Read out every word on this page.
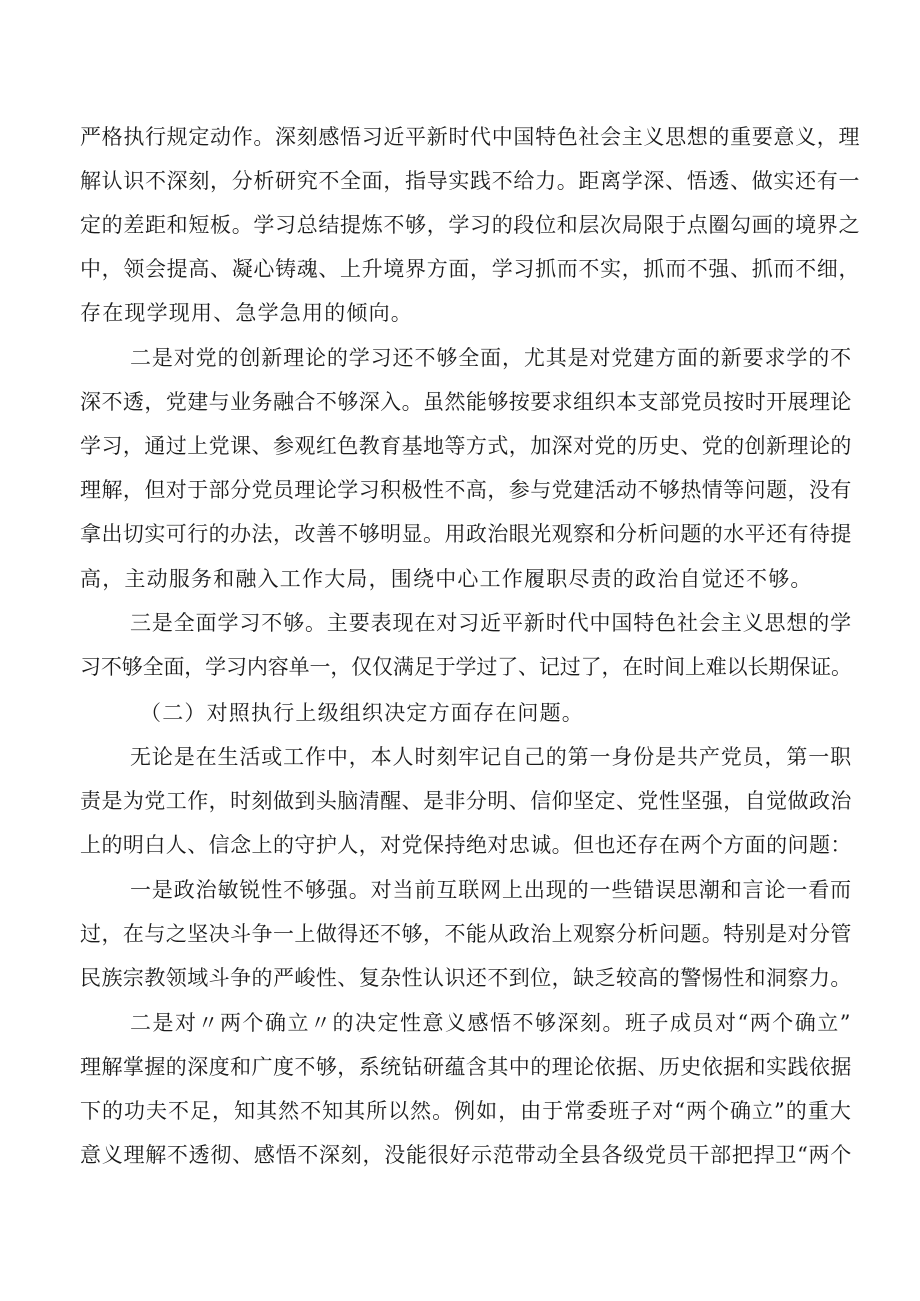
严格执行规定动作。深刻感悟习近平新时代中国特色社会主义思想的重要意义，理
解认识不深刻，分析研究不全面，指导实践不给力。距离学深、悟透、做实还有一
定的差距和短板。学习总结提炼不够，学习的段位和层次局限于点圈勾画的境界之
中，领会提高、凝心铸魂、上升境界方面，学习抓而不实，抓而不强、抓而不细，
存在现学现用、急学急用的倾向。
二是对党的创新理论的学习还不够全面，尤其是对党建方面的新要求学的不
深不透，党建与业务融合不够深入。虽然能够按要求组织本支部党员按时开展理论
学习，通过上党课、参观红色教育基地等方式，加深对党的历史、党的创新理论的
理解，但对于部分党员理论学习积极性不高，参与党建活动不够热情等问题，没有
拿出切实可行的办法，改善不够明显。用政治眼光观察和分析问题的水平还有待提
高，主动服务和融入工作大局，围绕中心工作履职尽责的政治自觉还不够。
三是全面学习不够。主要表现在对习近平新时代中国特色社会主义思想的学
习不够全面，学习内容单一，仅仅满足于学过了、记过了，在时间上难以长期保证。
（二）对照执行上级组织决定方面存在问题。
无论是在生活或工作中，本人时刻牢记自己的第一身份是共产党员，第一职
责是为党工作，时刻做到头脑清醒、是非分明、信仰坚定、党性坚强，自觉做政治
上的明白人、信念上的守护人，对党保持绝对忠诚。但也还存在两个方面的问题：
一是政治敏锐性不够强。对当前互联网上出现的一些错误思潮和言论一看而
过，在与之坚决斗争一上做得还不够，不能从政治上观察分析问题。特别是对分管
民族宗教领域斗争的严峻性、复杂性认识还不到位，缺乏较高的警惕性和洞察力。
二是对〃两个确立〃的决定性意义感悟不够深刻。班子成员对“两个确立”
理解掌握的深度和广度不够，系统钻研蕴含其中的理论依据、历史依据和实践依据
下的功夫不足，知其然不知其所以然。例如，由于常委班子对“两个确立”的重大
意义理解不透彻、感悟不深刻，没能很好示范带动全县各级党员干部把捍卫“两个
